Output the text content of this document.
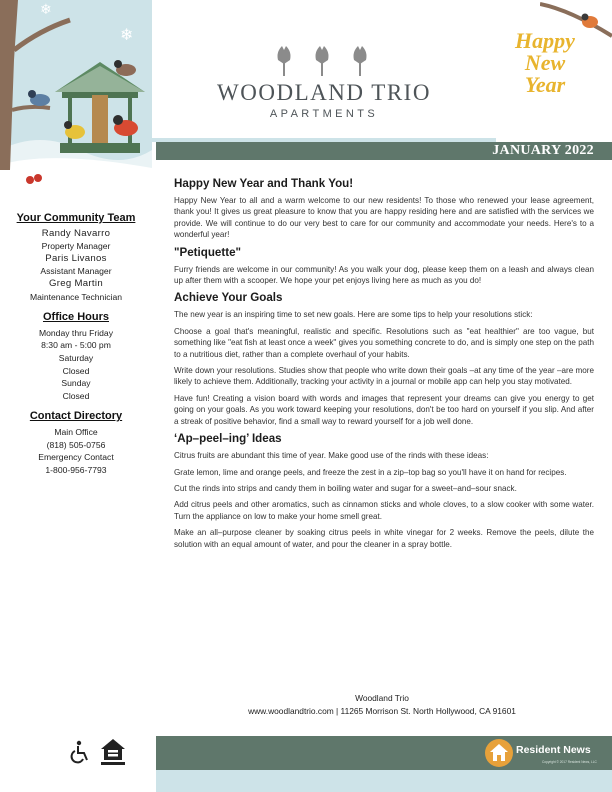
❄
❄
WOODLAND TRIO
APARTMENTS
Happy
New
Year
JANUARY 2022
Your Community Team
Randy Navarro
Property Manager
Paris Livanos
Assistant Manager
Greg Martin
Maintenance Technician
Office Hours
Monday thru Friday
8:30 am - 5:00 pm
Saturday
Closed
Sunday
Closed
Contact Directory
Main Office
(818) 505-0756
Emergency Contact
1-800-956-7793
Happy New Year and Thank You!

Happy New Year to all and a warm welcome to our new residents! To those who renewed your lease agreement, thank you! It gives us great pleasure to know that you are happy residing here and are satisfied with the services we provide. We will continue to do our very best to care for our community and accommodate your needs. Here's to a wonderful year!

"Petiquette"

Furry friends are welcome in our community! As you walk your dog, please keep them on a leash and always clean up after them with a scooper. We hope your pet enjoys living here as much as you do!

Achieve Your Goals

The new year is an inspiring time to set new goals. Here are some tips to help your resolutions stick:

Choose a goal that's meaningful, realistic and specific. Resolutions such as "eat healthier" are too vague, but something like "eat fish at least once a week" gives you something concrete to do, and is simply one step on the path to a nutritious diet, rather than a complete overhaul of your habits.

Write down your resolutions. Studies show that people who write down their goals –at any time of the year –are more likely to achieve them. Additionally, tracking your activity in a journal or mobile app can help you stay motivated.

Have fun! Creating a vision board with words and images that represent your dreams can give you energy to get going on your goals. As you work toward keeping your resolutions, don't be too hard on yourself if you slip. And after a streak of positive behavior, find a small way to reward yourself for a job well done.

‘Ap–peel–ing’ Ideas

Citrus fruits are abundant this time of year. Make good use of the rinds with these ideas:

Grate lemon, lime and orange peels, and freeze the zest in a zip–top bag so you'll have it on hand for recipes.

Cut the rinds into strips and candy them in boiling water and sugar for a sweet–and–sour snack.

Add citrus peels and other aromatics, such as cinnamon sticks and whole cloves, to a slow cooker with some water. Turn the appliance on low to make your home smell great.

Make an all–purpose cleaner by soaking citrus peels in white vinegar for 2 weeks. Remove the peels, dilute the solution with an equal amount of water, and pour the cleaner in a spray bottle.

Woodland Trio
www.woodlandtrio.com | 11265 Morrison St. North Hollywood, CA 91601
Resident News
Copyright © 2017 Resident News, LLC
